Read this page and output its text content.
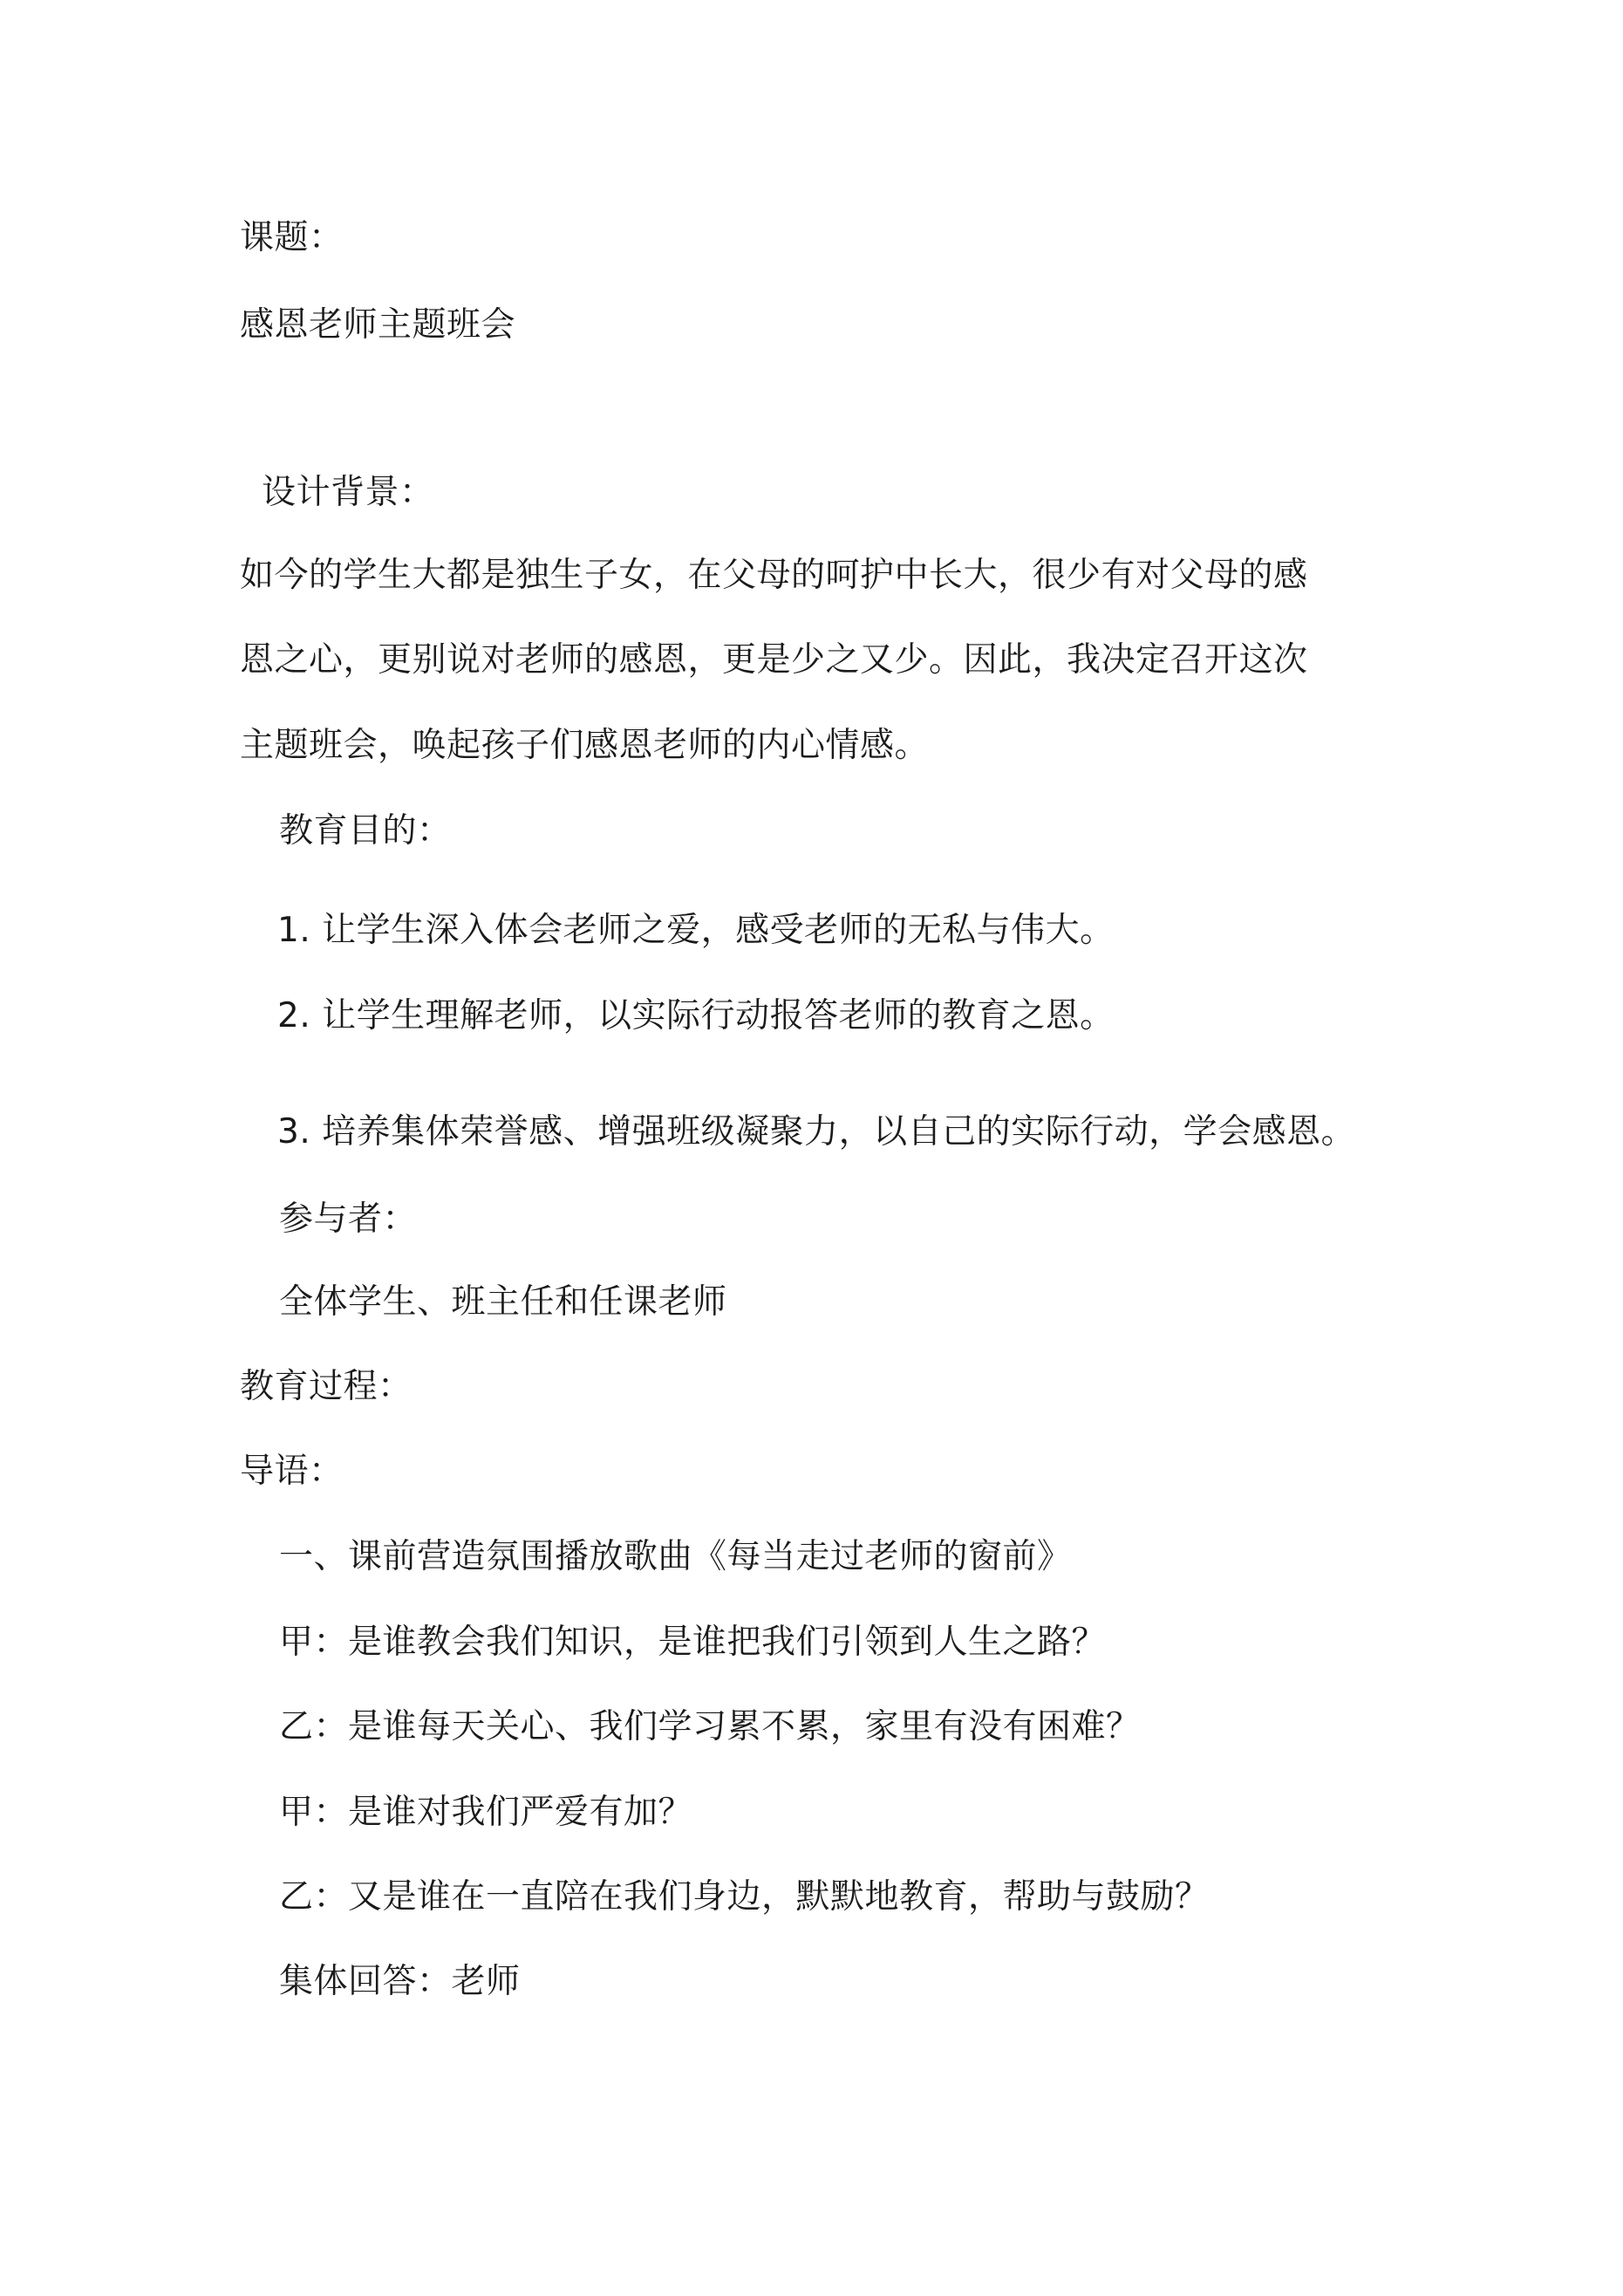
课题：

感恩老师主题班会

设计背景：

如今的学生大都是独生子女，在父母的呵护中长大，很少有对父母的感

恩之心，更别说对老师的感恩，更是少之又少。因此，我决定召开这次

主题班会，唤起孩子们感恩老师的内心情感。

教育目的：

1. 让学生深入体会老师之爱，感受老师的无私与伟大。

2. 让学生理解老师，以实际行动报答老师的教育之恩。

3. 培养集体荣誉感、增强班级凝聚力，以自己的实际行动，学会感恩。

参与者：

全体学生、班主任和任课老师

教育过程：

导语：

一、课前营造氛围播放歌曲《每当走过老师的窗前》

甲：是谁教会我们知识，是谁把我们引领到人生之路？

乙：是谁每天关心、我们学习累不累，家里有没有困难？

甲：是谁对我们严爱有加？

乙：又是谁在一直陪在我们身边，默默地教育，帮助与鼓励？

集体回答：老师
